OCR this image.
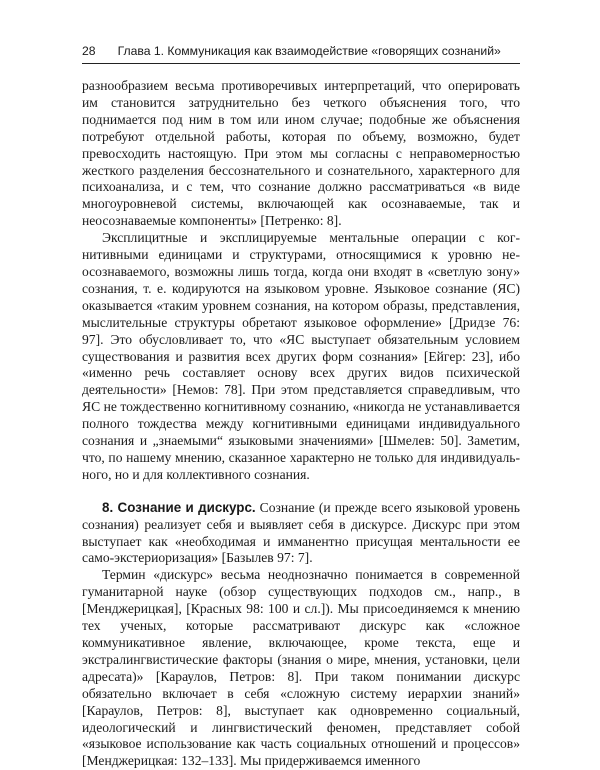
28 Глава 1. Коммуникация как взаимодействие «говорящих сознаний»

разнообразием весьма противоречивых интерпретаций, что оперировать им становится затруднительно без четкого объяснения того, что поднимается под ним в том или ином случае; подобные же объяснения потребуют отдельной работы, которая по объему, возможно, будет превосходить настоящую. При этом мы согласны с неправомерностью жесткого разделения бессознательного и сознательного, характерного для психоанализа, и с тем, что сознание должно рассматриваться «в виде многоуровневой системы, включающей как осознаваемые, так и неосознаваемые компоненты» [Петренко: 8].

Эксплицитные и эксплицируемые ментальные операции с когнитивными единицами и структурами, относящимися к уровню неосознаваемого, возможны лишь тогда, когда они входят в «светлую зону» сознания, т. е. кодируются на языковом уровне. Языковое сознание (ЯС) оказывается «таким уровнем сознания, на котором образы, представления, мыслительные структуры обретают языковое оформление» [Дридзе 76: 97]. Это обусловливает то, что «ЯС выступает обязательным условием существования и развития всех других форм сознания» [Ейгер: 23], ибо «именно речь составляет основу всех других видов психической деятельности» [Немов: 78]. При этом представляется справедливым, что ЯС не тождественно когнитивному сознанию, «никогда не устанавливается полного тождества между когнитивными единицами индивидуального сознания и „знаемыми“ языковыми значениями» [Шмелев: 50]. Заметим, что, по нашему мнению, сказанное характерно не только для индивидуального, но и для коллективного сознания.

8. Сознание и дискурс. Сознание (и прежде всего языковой уровень сознания) реализует себя и выявляет себя в дискурсе. Дискурс при этом выступает как «необходимая и имманентно присущая ментальности ее само-экстериоризация» [Базылев 97: 7].

Термин «дискурс» весьма неоднозначно понимается в современной гуманитарной науке (обзор существующих подходов см., напр., в [Менджерицкая], [Красных 98: 100 и сл.]). Мы присоединяемся к мнению тех ученых, которые рассматривают дискурс как «сложное коммуникативное явление, включающее, кроме текста, еще и экстралингвистические факторы (знания о мире, мнения, установки, цели адресата)» [Караулов, Петров: 8]. При таком понимании дискурс обязательно включает в себя «сложную систему иерархии знаний» [Караулов, Петров: 8], выступает как одновременно социальный, идеологический и лингвистический феномен, представляет собой «языковое использование как часть социальных отношений и процессов» [Менджерицкая: 132–133]. Мы придерживаемся именного
